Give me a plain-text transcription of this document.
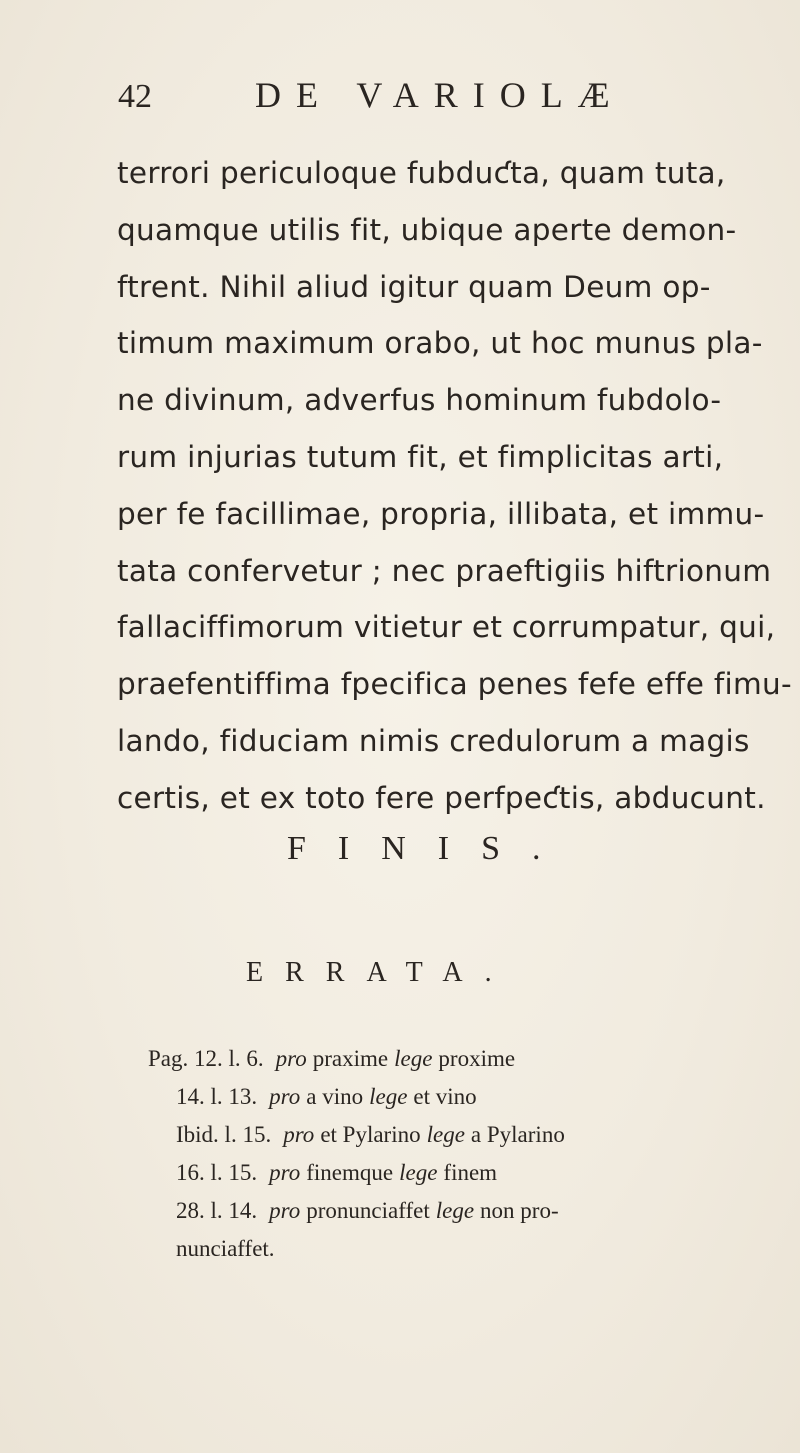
42	DE VARIOLÆ
terrori periculoque fubduƈta, quam tuta,
quamque utilis fit, ubique aperte demon-
ftrent. Nihil aliud igitur quam Deum op-
timum maximum orabo, ut hoc munus pla-
ne divinum, adverfus hominum fubdolo-
rum injurias tutum fit, et fimplicitas arti,
per fe facillimae, propria, illibata, et immu-
tata confervetur ; nec praeftigiis hiftrionum
fallaciffimorum vitietur et corrumpatur, qui,
praefentiffima fpecifica penes fefe effe fimu-
lando, fiduciam nimis credulorum a magis
certis, et ex toto fere perfpeƈtis, abducunt.
FINIS.
ERRATA.
Pag. 12. l. 6. pro praxime lege proxime
14. l. 13. pro a vino lege et vino
Ibid. l. 15. pro et Pylarino lege a Pylarino
16. l. 15. pro finemque lege finem
28. l. 14. pro pronunciaffet lege non pro-
nunciaffet.
